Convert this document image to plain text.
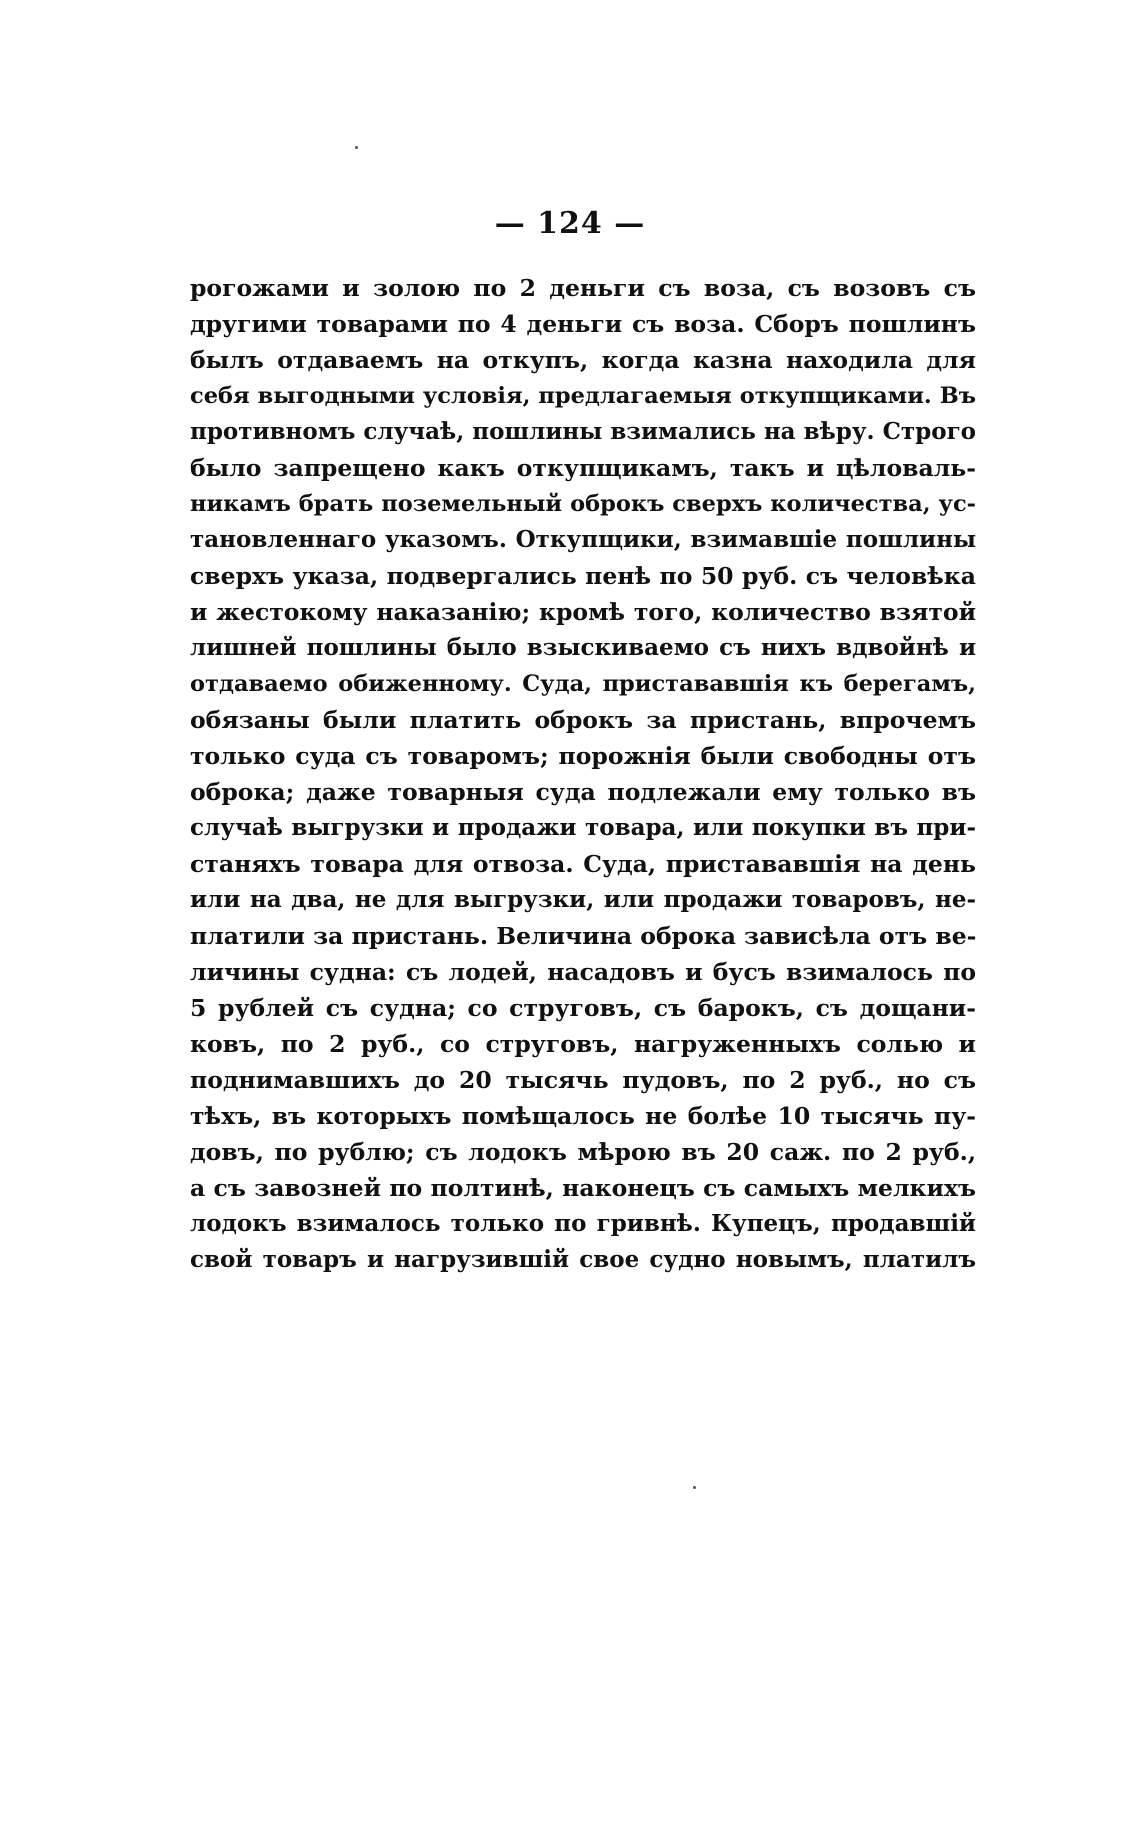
— 124 —
рогожами и золою по 2 деньги съ воза, съ возовъ съ
другими товарами по 4 деньги съ воза. Сборъ пошлинъ
былъ отдаваемъ на откупъ, когда казна находила для
себя выгодными условія, предлагаемыя откупщиками. Въ
противномъ случаѣ, пошлины взимались на вѣру. Строго
было запрещено какъ откупщикамъ, такъ и цѣловаль-
никамъ брать поземельный оброкъ сверхъ количества, ус-
тановленнаго указомъ. Откупщики, взимавшіе пошлины
сверхъ указа, подвергались пенѣ по 50 руб. съ человѣка
и жестокому наказанію; кромѣ того, количество взятой
лишней пошлины было взыскиваемо съ нихъ вдвойнѣ и
отдаваемо обиженному. Суда, пристававшія къ берегамъ,
обязаны были платить оброкъ за пристань, впрочемъ
только суда съ товаромъ; порожнія были свободны отъ
оброка; даже товарныя суда подлежали ему только въ
случаѣ выгрузки и продажи товара, или покупки въ при-
станяхъ товара для отвоза. Суда, пристававшія на день
или на два, не для выгрузки, или продажи товаровъ, не-
платили за пристань. Величина оброка зависѣла отъ ве-
личины судна: съ лодей, насадовъ и бусъ взималось по
5 рублей съ судна; со струговъ, съ барокъ, съ дощани-
ковъ, по 2 руб., со струговъ, нагруженныхъ солью и
поднимавшихъ до 20 тысячь пудовъ, по 2 руб., но съ
тѣхъ, въ которыхъ помѣщалось не болѣе 10 тысячь пу-
довъ, по рублю; съ лодокъ мѣрою въ 20 саж. по 2 руб.,
а съ завозней по полтинѣ, наконецъ съ самыхъ мелкихъ
лодокъ взималось только по гривнѣ. Купецъ, продавшій
свой товаръ и нагрузившій свое судно новымъ, платилъ
